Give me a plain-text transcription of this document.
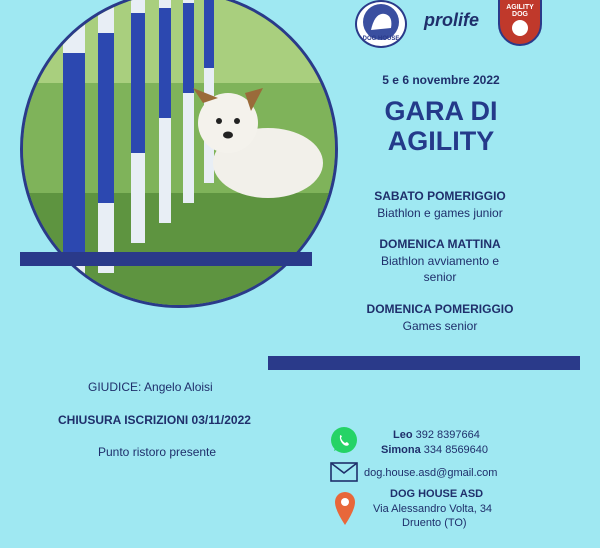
DOG HOUSE
prolife
AGILITY
DOG
5 e 6 novembre 2022
GARA DI
AGILITY
SABATO POMERIGGIO
Biathlon e games junior
DOMENICA MATTINA
Biathlon avviamento e
senior
DOMENICA POMERIGGIO
Games senior
GIUDICE: Angelo Aloisi
CHIUSURA ISCRIZIONI 03/11/2022
Punto ristoro presente
Leo 392 8397664
Simona 334 8569640
dog.house.asd@gmail.com
DOG HOUSE ASD
Via Alessandro Volta, 34
Druento (TO)
